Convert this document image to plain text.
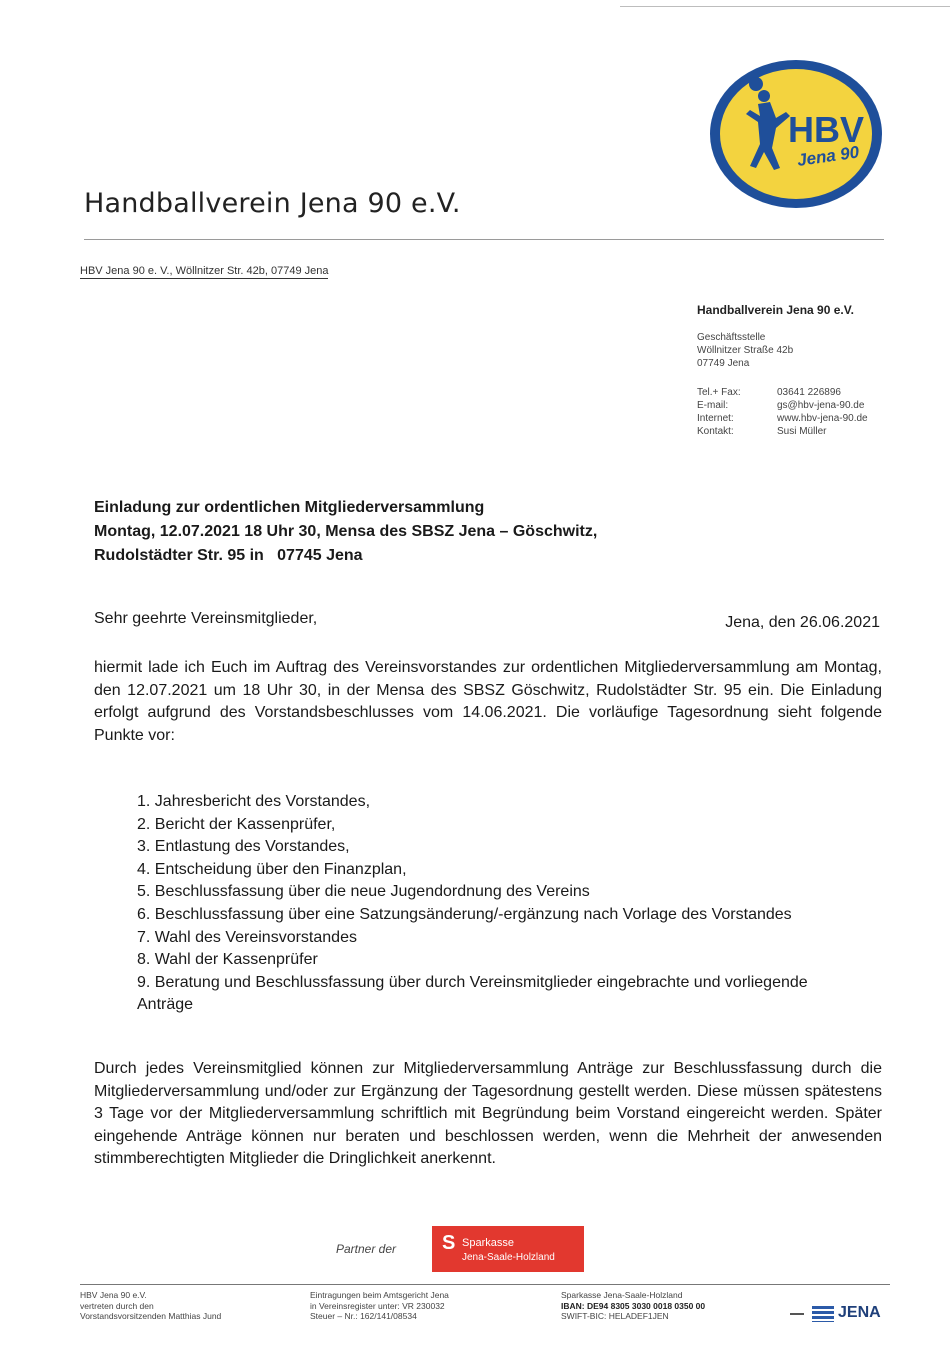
HBV
Jena 90
Handballverein Jena 90 e.V.
HBV Jena 90 e. V., Wöllnitzer Str. 42b, 07749 Jena
Handballverein Jena 90 e.V.
Geschäftsstelle
Wöllnitzer Straße 42b
07749 Jena
Tel.+ Fax:	03641 226896
E-mail:	gs@hbv-jena-90.de
Internet:	www.hbv-jena-90.de
Kontakt:	Susi Müller
Einladung zur ordentlichen Mitgliederversammlung
Montag, 12.07.2021 18 Uhr 30, Mensa des SBSZ Jena – Göschwitz,
Rudolstädter Str. 95 in   07745 Jena
Sehr geehrte Vereinsmitglieder,	Jena, den 26.06.2021
hiermit lade ich Euch im Auftrag des Vereinsvorstandes zur ordentlichen Mitgliederversammlung am Montag, den 12.07.2021 um 18 Uhr 30, in der Mensa des SBSZ Göschwitz, Rudolstädter Str. 95 ein. Die Einladung erfolgt aufgrund des Vorstandsbeschlusses vom 14.06.2021. Die vorläufige Tagesordnung sieht folgende Punkte vor:
1. Jahresbericht des Vorstandes,
2. Bericht der Kassenprüfer,
3. Entlastung des Vorstandes,
4. Entscheidung über den Finanzplan,
5. Beschlussfassung über die neue Jugendordnung des Vereins
6. Beschlussfassung über eine Satzungsänderung/-ergänzung nach Vorlage des Vorstandes
7. Wahl des Vereinsvorstandes
8. Wahl der Kassenprüfer
9. Beratung und Beschlussfassung über durch Vereinsmitglieder eingebrachte und vorliegende Anträge
Durch jedes Vereinsmitglied können zur Mitgliederversammlung Anträge zur Beschlussfassung durch die Mitgliederversammlung und/oder zur Ergänzung der Tagesordnung gestellt werden. Diese müssen spätestens 3 Tage vor der Mitgliederversammlung schriftlich mit Begründung beim Vorstand eingereicht werden. Später eingehende Anträge können nur beraten und beschlossen werden, wenn die Mehrheit der anwesenden stimmberechtigten Mitglieder die Dringlichkeit anerkennt.
Partner der S Sparkasse
Jena-Saale-Holzland
HBV Jena 90 e.V.
vertreten durch den
Vorstandsvorsitzenden Matthias Jund
Eintragungen beim Amtsgericht Jena
in Vereinsregister unter: VR 230032
Steuer – Nr.: 162/141/08534
Sparkasse Jena-Saale-Holzland
IBAN: DE94 8305 3030 0018 0350 00
SWIFT-BIC: HELADEF1JEN	JENA
